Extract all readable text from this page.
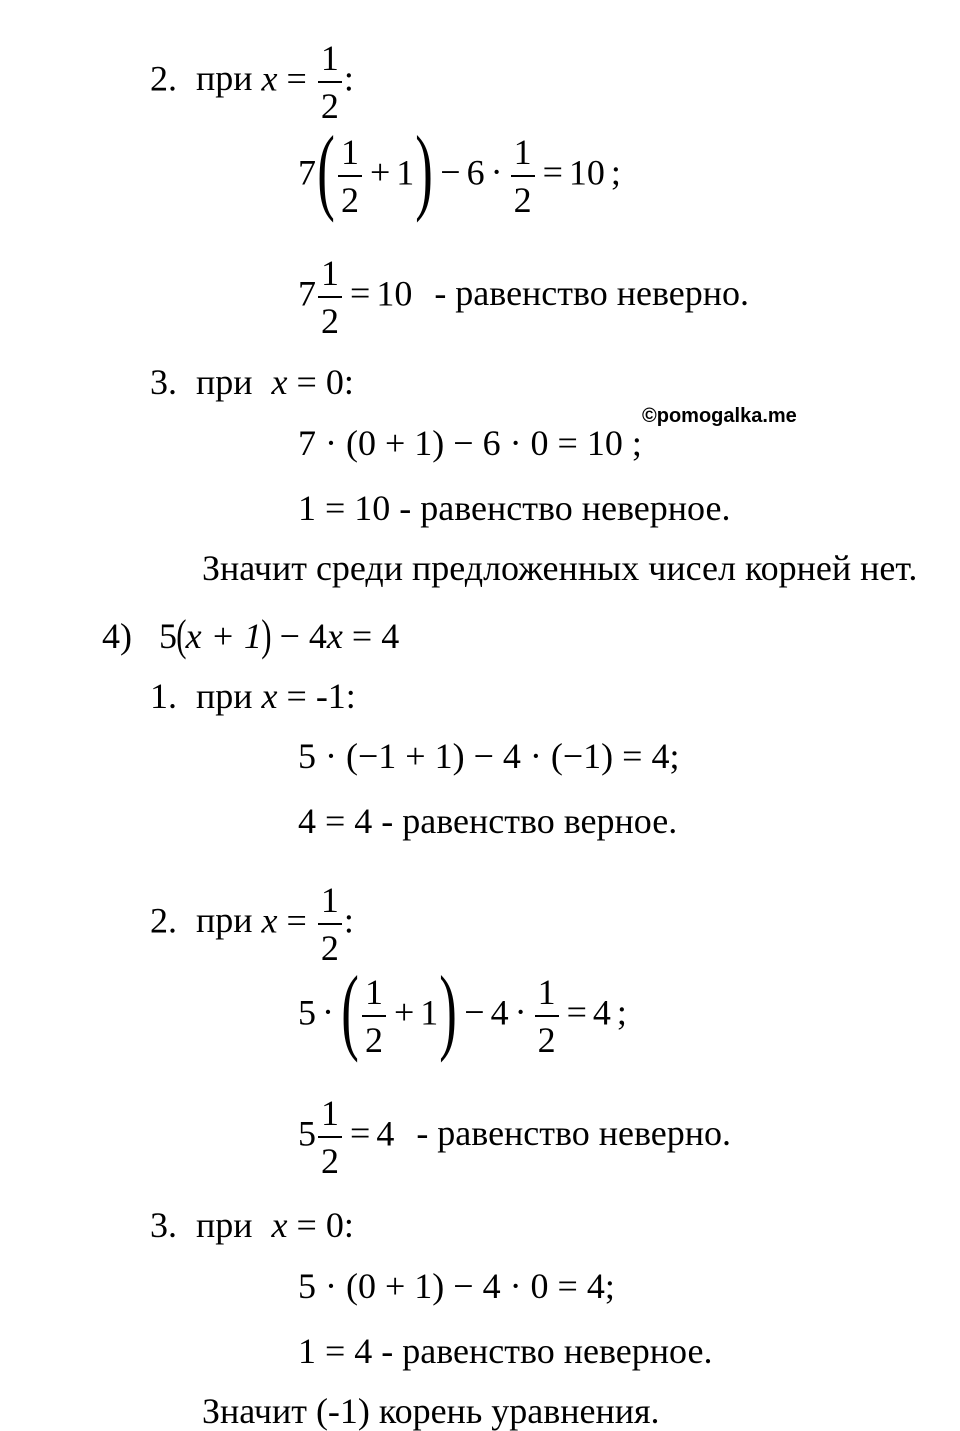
2. при $x = \frac{1}{2}$ :
$7( \frac{1}{2} + 1) - 6 \cdot \frac{1}{2} = 10$ ;
$7 \frac{1}{2} = 10$ - равенство неверно.
3. при x = 0:
©pomogalka.me
7 · (0 + 1) − 6 · 0 = 10 ;
1 = 10 - равенство неверное.
Значит среди предложенных чисел корней нет.
4) 5(x + 1) − 4x = 4
1. при x = -1:
5 · (−1 + 1) − 4 · (−1) = 4;
4 = 4 - равенство верное.
2. при $x = \frac{1}{2}$ :
5 ·( $\frac{1}{2} + 1) - 4 \cdot \frac{1}{2} = 4$ ;
$5 \frac{1}{2} = 4$ - равенство неверно.
3. при x = 0:
5 · (0 + 1) − 4 · 0 = 4;
1 = 4 - равенство неверное.
Значит (-1) корень уравнения.
